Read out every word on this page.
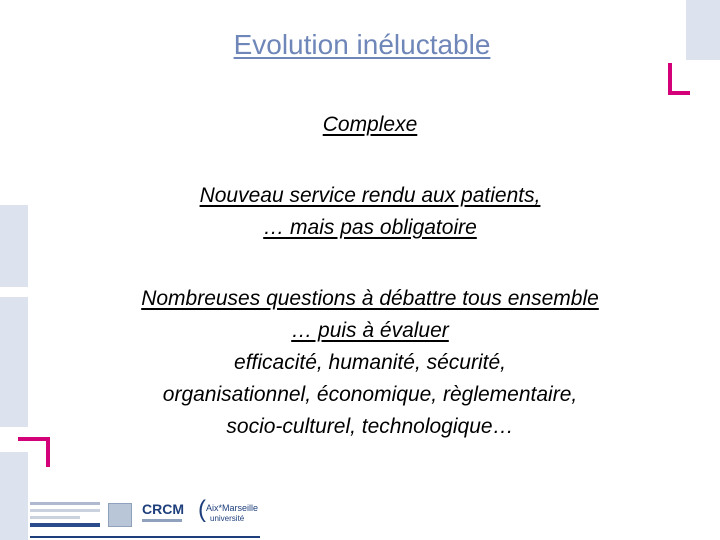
Evolution inéluctable

Complexe

Nouveau service rendu aux patients,
… mais pas obligatoire

Nombreuses questions à débattre tous ensemble
… puis à évaluer
efficacité, humanité, sécurité,
organisationnel, économique, règlementaire,
socio-culturel, technologique…

CRCM ( Aix*Marseille
université
